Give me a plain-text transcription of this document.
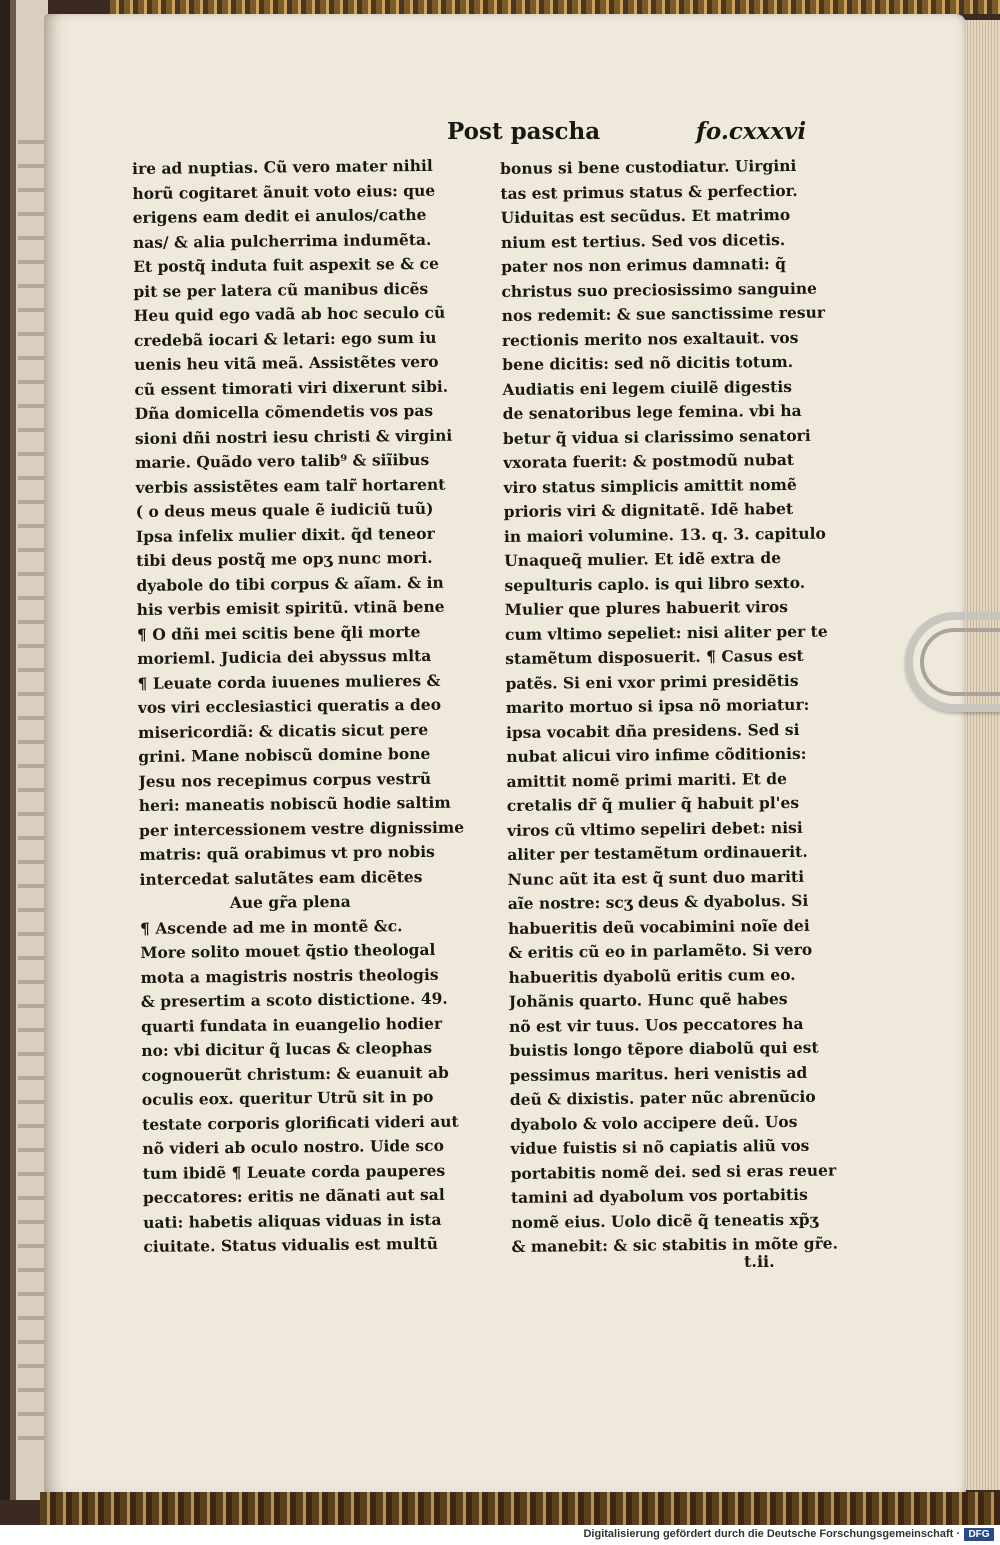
Post pascha	fo.cxxxvi
ire ad nuptias. Cũ vero mater nihil
horũ cogitaret ãnuit voto eius: que
erigens eam dedit ei anulos/cathe
nas/ & alia pulcherrima indumẽta.
Et postq̃ induta fuit aspexit se & ce
pit se per latera cũ manibus dicẽs
Heu quid ego vadã ab hoc seculo cũ
credebã iocari & letari: ego sum iu
uenis heu vitã meã. Assistẽtes vero
cũ essent timorati viri dixerunt sibi.
Dña domicella cõmendetis vos pas
sioni dñi nostri iesu christi & virgini
marie. Quãdo vero talib⁹ & siĩibus
verbis assistẽtes eam talr̃ hortarent
( o deus meus quale ẽ iudiciũ tuũ)
Ipsa infelix mulier dixit. q̃d teneor
tibi deus postq̃ me opʒ nunc mori.
dyabole do tibi corpus & aĩam. & in
his verbis emisit spiritũ. vtinã bene
¶ O dñi mei scitis bene q̃li morte
morieml. Judicia dei abyssus mlta
¶ Leuate corda iuuenes mulieres &
vos viri ecclesiastici queratis a deo
misericordiã: & dicatis sicut pere
grini. Mane nobiscũ domine bone
Jesu nos recepimus corpus vestrũ
heri: maneatis nobiscũ hodie saltim
per intercessionem vestre dignissime
matris: quã orabimus vt pro nobis
intercedat salutãtes eam dicẽtes
Aue gr̃a plena
¶ Ascende ad me in montẽ &c.
More solito mouet q̃stio theologal
mota a magistris nostris theologis
& presertim a scoto distictione. 49.
quarti fundata in euangelio hodier
no: vbi dicitur q̃ lucas & cleophas
cognouerũt christum: & euanuit ab
oculis eox. queritur Utrũ sit in po
testate corporis glorificati videri aut
nõ videri ab oculo nostro. Uide sco
tum ibidẽ ¶ Leuate corda pauperes
peccatores: eritis ne dãnati aut sal
uati: habetis aliquas viduas in ista
ciuitate. Status vidualis est multũ
bonus si bene custodiatur. Uirgini
tas est primus status & perfectior.
Uiduitas est secũdus. Et matrimo
nium est tertius. Sed vos dicetis.
pater nos non erimus damnati: q̃
christus suo preciosissimo sanguine
nos redemit: & sue sanctissime resur
rectionis merito nos exaltauit. vos
bene dicitis: sed nõ dicitis totum.
Audiatis eni legem ciuilẽ digestis
de senatoribus lege femina. vbi ha
betur q̃ vidua si clarissimo senatori
vxorata fuerit: & postmodũ nubat
viro status simplicis amittit nomẽ
prioris viri & dignitatẽ. Idẽ habet
in maiori volumine. 13. q. 3. capitulo
Unaqueq̃ mulier. Et idẽ extra de
sepulturis caplo. is qui libro sexto.
Mulier que plures habuerit viros
cum vltimo sepeliet: nisi aliter per te
stamẽtum disposuerit. ¶ Casus est
patẽs. Si eni vxor primi presidẽtis
marito mortuo si ipsa nõ moriatur:
ipsa vocabit dña presidens. Sed si
nubat alicui viro infime cõditionis:
amittit nomẽ primi mariti. Et de
cretalis dr̃ q̃ mulier q̃ habuit pl'es
viros cũ vltimo sepeliri debet: nisi
aliter per testamẽtum ordinauerit.
Nunc aũt ita est q̃ sunt duo mariti
aĩe nostre: scʒ deus & dyabolus. Si
habueritis deũ vocabimini noĩe dei
& eritis cũ eo in parlamẽto. Si vero
habueritis dyabolũ eritis cum eo.
Johãnis quarto. Hunc quẽ habes
nõ est vir tuus. Uos peccatores ha
buistis longo tẽpore diabolũ qui est
pessimus maritus. heri venistis ad
deũ & dixistis. pater nũc abrenũcio
dyabolo & volo accipere deũ. Uos
vidue fuistis si nõ capiatis aliũ vos
portabitis nomẽ dei. sed si eras reuer
tamini ad dyabolum vos portabitis
nomẽ eius. Uolo dicẽ q̃ teneatis xp̃ʒ
& manebit: & sic stabitis in mõte gr̃e.
t.ii.
Digitalisierung gefördert durch die Deutsche Forschungsgemeinschaft · DFG
